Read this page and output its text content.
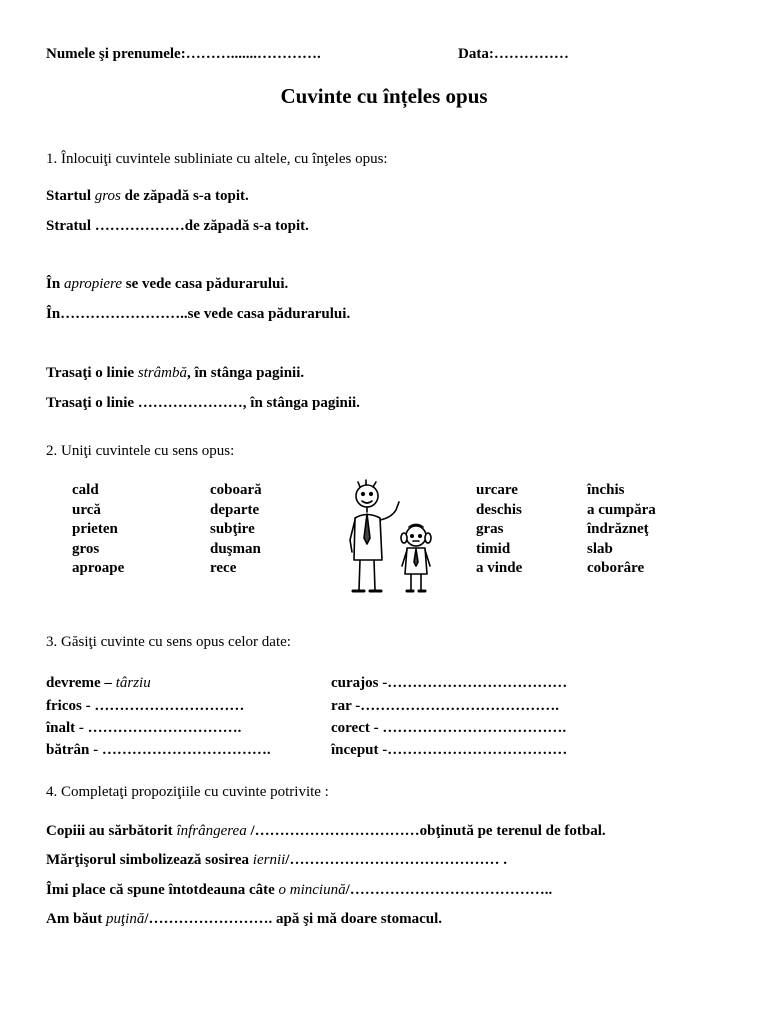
Numele şi prenumele:……….......………….	Data:……………
Cuvinte cu înțeles opus
1. Înlocuiţi cuvintele subliniate cu altele, cu înţeles opus:
Startul gros de zăpadă s-a topit.
Stratul ………………de zăpadă s-a topit.
În apropiere se vede casa pădurarului.
În……………………..se vede casa pădurarului.
Trasaţi o linie strâmbă, în stânga paginii.
Trasaţi o linie …………………, în stânga paginii.
2. Uniţi cuvintele cu sens opus:
cald
urcă
prieten
gros
aproape
coboară
departe
subţire
duşman
rece
urcare
deschis
gras
timid
a vinde
închis
a cumpăra
îndrăzneţ
slab
coborâre
3. Găsiţi cuvinte cu sens opus celor date:
devreme – târziu
fricos - …………………………
înalt - ………………………….
bătrân - …………………………….
curajos -………………………………
rar -………………………………….
corect - ……………………………….
început -………………………………
4. Completaţi propoziţiile cu cuvinte potrivite :
Copiii au sărbătorit înfrângerea /……………………………obţinută pe terenul de fotbal.
Mărţişorul simbolizează sosirea iernii/…………………………………… .
Îmi place că spune întotdeauna câte o minciună/…………………………………..
Am băut puţină/……………………. apă şi mă doare stomacul.
